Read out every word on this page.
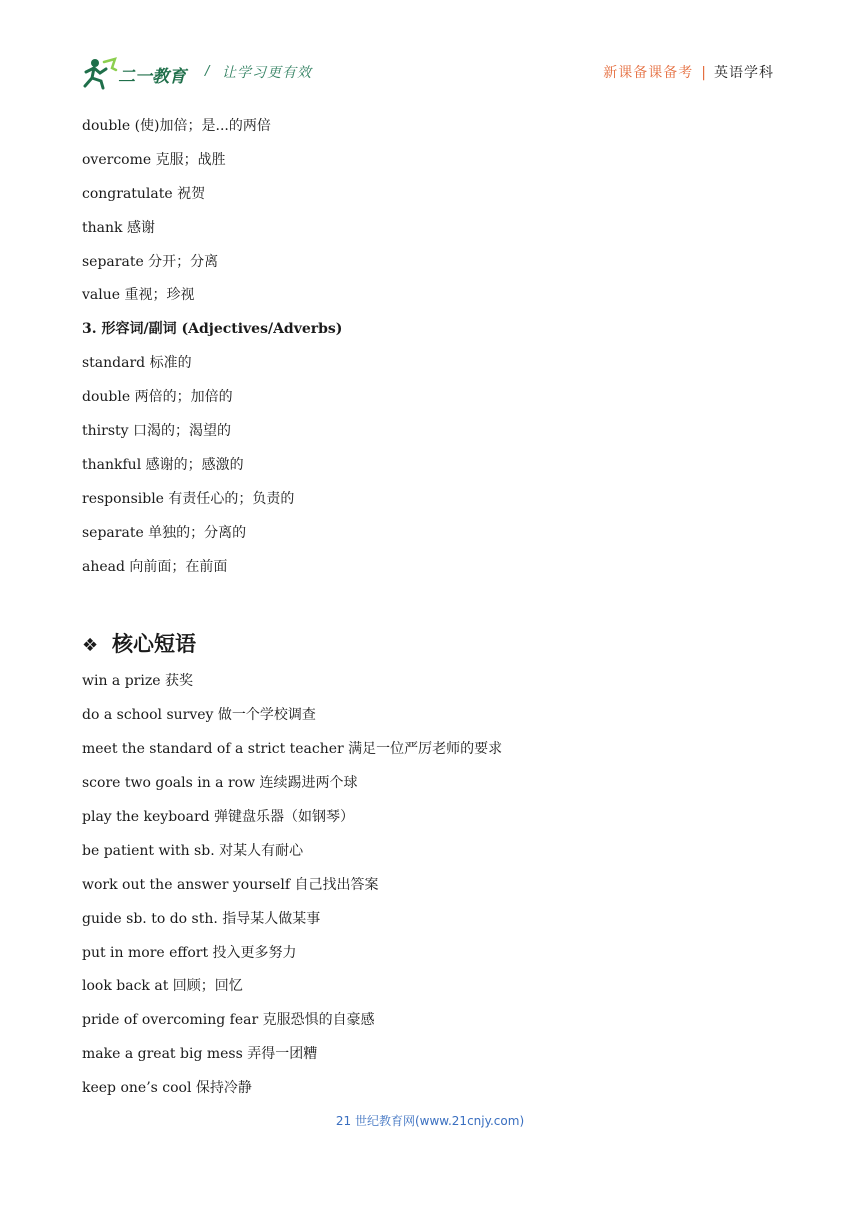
二一教育 / 让学习更有效	新课备课备考 | 英语学科
double (使)加倍；是...的两倍
overcome 克服；战胜
congratulate 祝贺
thank 感谢
separate 分开；分离
value 重视；珍视
3. 形容词/副词 (Adjectives/Adverbs)
standard 标准的
double 两倍的；加倍的
thirsty 口渴的；渴望的
thankful 感谢的；感激的
responsible 有责任心的；负责的
separate 单独的；分离的
ahead 向前面；在前面
❖ 核心短语
win a prize 获奖
do a school survey 做一个学校调查
meet the standard of a strict teacher 满足一位严厉老师的要求
score two goals in a row 连续踢进两个球
play the keyboard 弹键盘乐器（如钢琴）
be patient with sb. 对某人有耐心
work out the answer yourself 自己找出答案
guide sb. to do sth. 指导某人做某事
put in more effort 投入更多努力
look back at 回顾；回忆
pride of overcoming fear 克服恐惧的自豪感
make a great big mess 弄得一团糟
keep one’s cool 保持冷静
21 世纪教育网(www.21cnjy.com)
